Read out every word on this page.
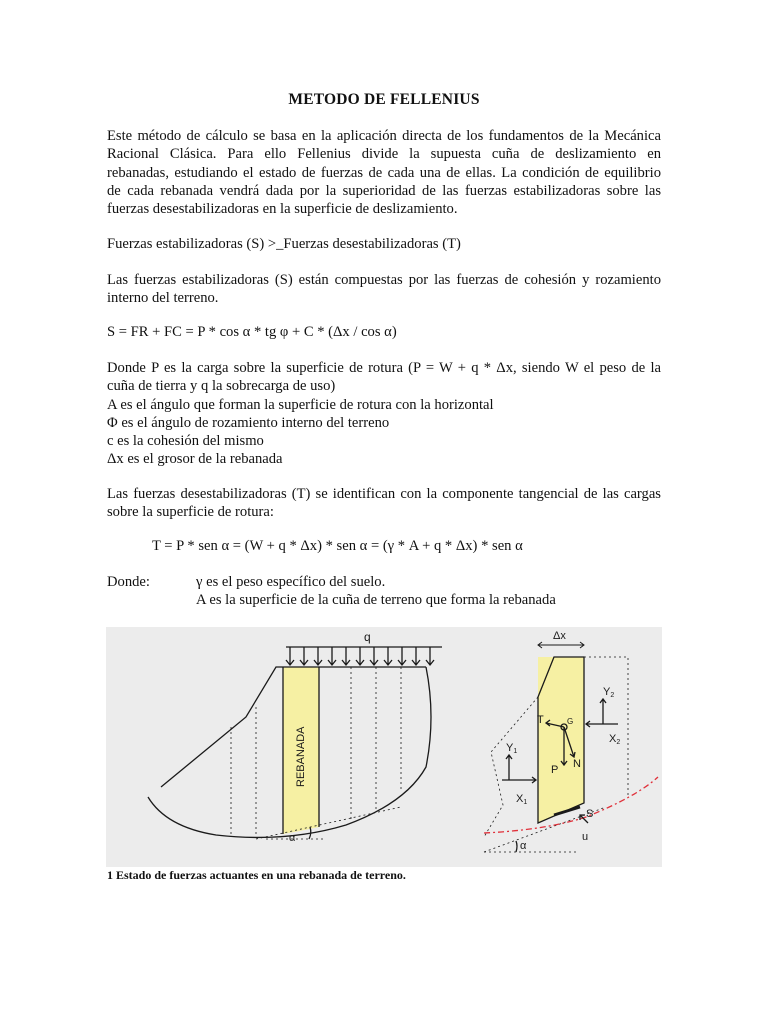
METODO DE FELLENIUS
Este método de cálculo se basa en la aplicación directa de los fundamentos de la Mecánica
Racional Clásica. Para ello Fellenius divide la supuesta cuña de deslizamiento en
rebanadas, estudiando el estado de fuerzas de cada una de ellas. La condición de equilibrio
de cada rebanada vendrá dada por la superioridad de las fuerzas estabilizadoras sobre las
fuerzas desestabilizadoras en la superficie de deslizamiento.
Fuerzas estabilizadoras (S) >_Fuerzas desestabilizadoras (T)
Las fuerzas estabilizadoras (S) están compuestas por las fuerzas de cohesión y rozamiento
interno del terreno.
S = FR + FC = P * cos α * tg φ + C * (Δx / cos α)
Donde P es la carga sobre la superficie de rotura (P = W + q * Δx, siendo W el peso de la
cuña de tierra y q la sobrecarga de uso)
A es el ángulo que forman la superficie de rotura con la horizontal
Φ es el ángulo de rozamiento interno del terreno
c es la cohesión del mismo
Δx es el grosor de la rebanada
Las fuerzas desestabilizadoras (T) se identifican con la componente tangencial de las cargas
sobre la superficie de rotura:
T = P * sen α = (W + q * Δx) * sen α = (γ * A + q * Δx) * sen α
Donde:	γ es el peso específico del suelo.
A es la superficie de la cuña de terreno que forma la rebanada
q
REBANADA
α
Δx
T	G
P N
S
u
α
Y1
X1
Y2
X2
1 Estado de fuerzas actuantes en una rebanada de terreno.
